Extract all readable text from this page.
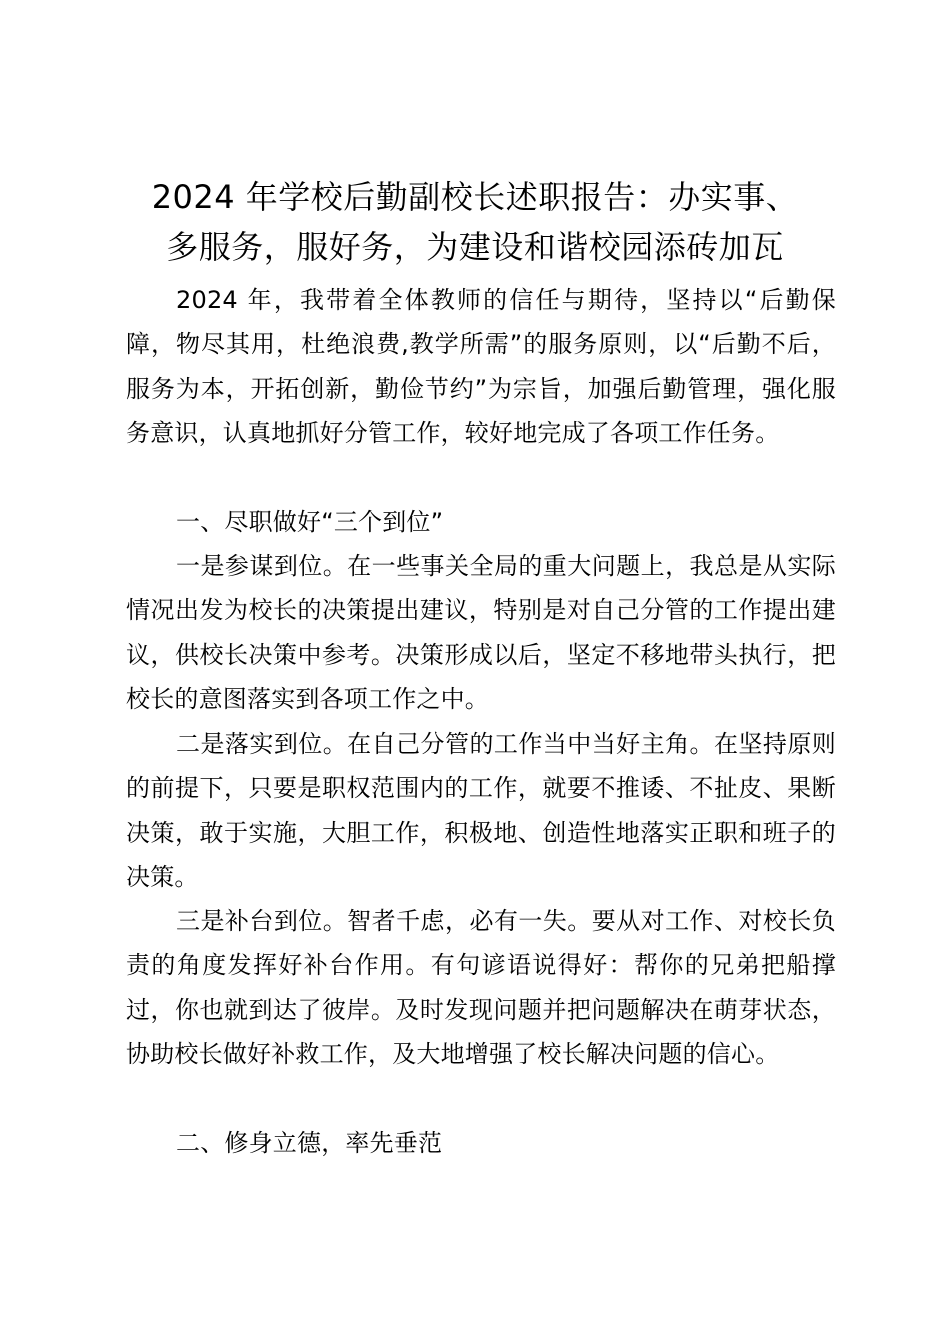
2024 年学校后勤副校长述职报告：办实事、
多服务，服好务，为建设和谐校园添砖加瓦

2024 年，我带着全体教师的信任与期待，坚持以“后勤保障，物尽其用，杜绝浪费,教学所需”的服务原则，以“后勤不后，服务为本，开拓创新，勤俭节约”为宗旨，加强后勤管理，强化服务意识，认真地抓好分管工作，较好地完成了各项工作任务。

一、尽职做好“三个到位”

一是参谋到位。在一些事关全局的重大问题上，我总是从实际情况出发为校长的决策提出建议，特别是对自己分管的工作提出建议，供校长决策中参考。决策形成以后，坚定不移地带头执行，把校长的意图落实到各项工作之中。

二是落实到位。在自己分管的工作当中当好主角。在坚持原则的前提下，只要是职权范围内的工作，就要不推诿、不扯皮、果断决策，敢于实施，大胆工作，积极地、创造性地落实正职和班子的决策。

三是补台到位。智者千虑，必有一失。要从对工作、对校长负责的角度发挥好补台作用。有句谚语说得好：帮你的兄弟把船撑过，你也就到达了彼岸。及时发现问题并把问题解决在萌芽状态，协助校长做好补救工作，及大地增强了校长解决问题的信心。

二、修身立德，率先垂范
